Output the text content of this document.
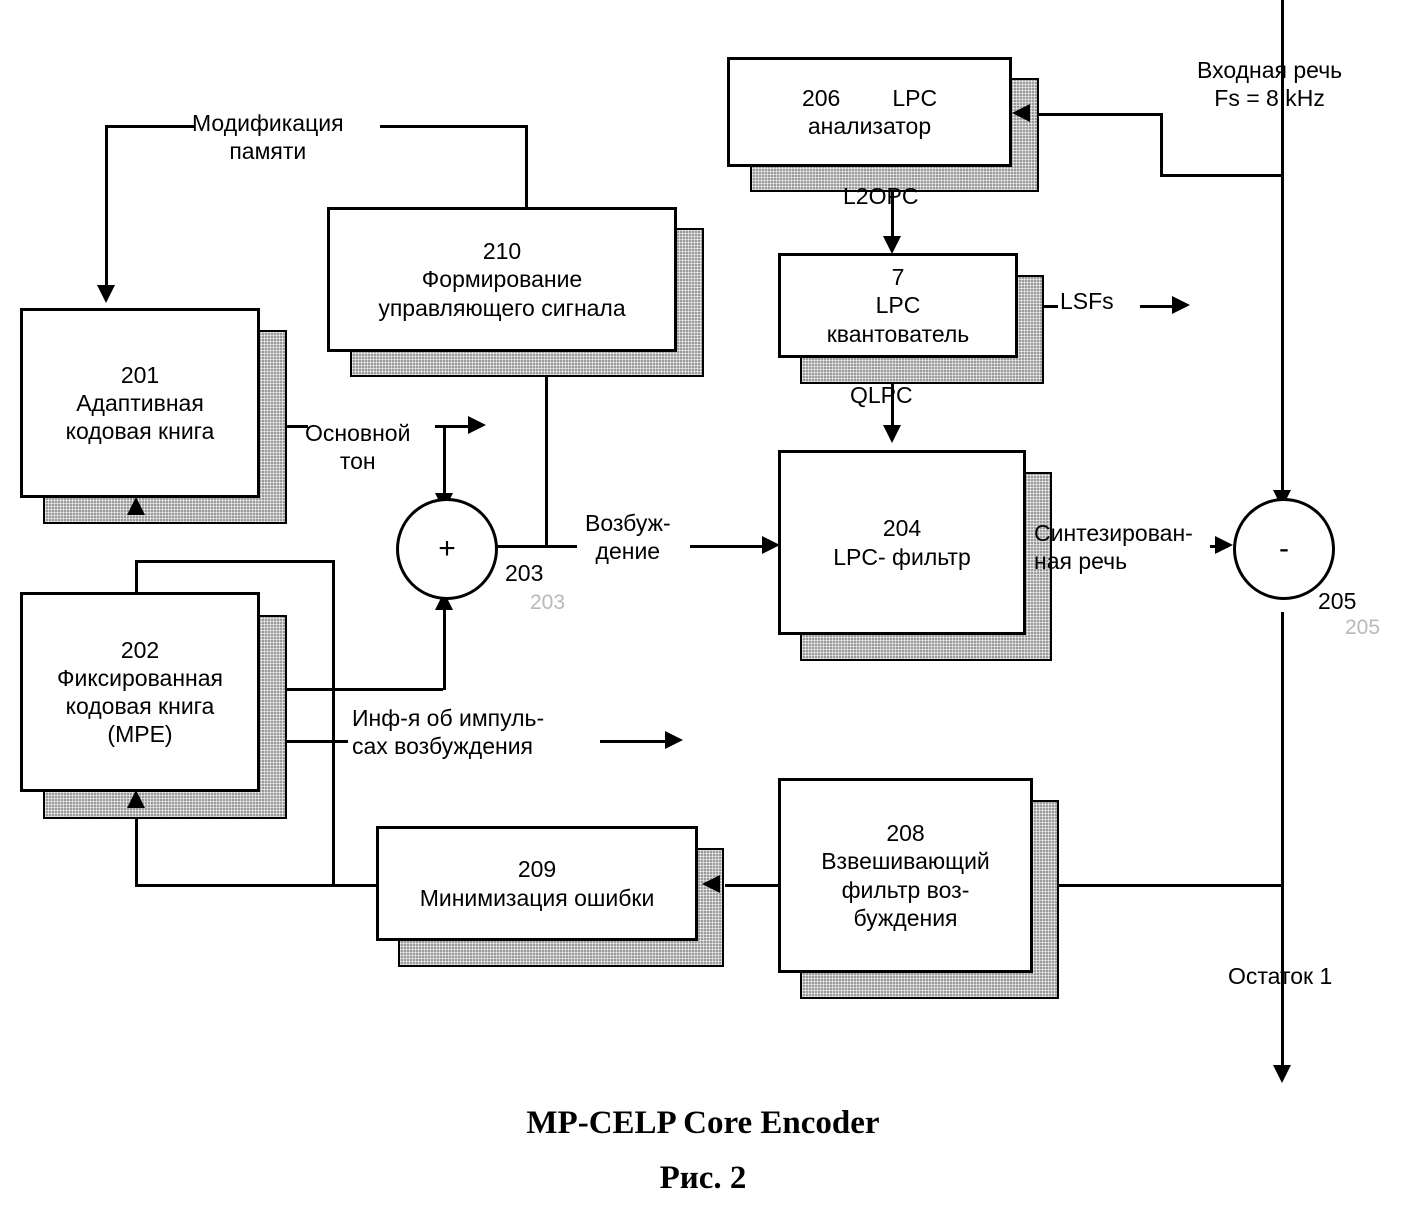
201
Адаптивная
кодовая книга
202
Фиксированная
кодовая книга
(MPE)
210
Формирование
управляющего сигнала
206 LPC
анализатор
7
LPC
квантователь
204
LPC- фильтр
208
Взвешивающий
фильтр воз-
буждения
209
Минимизация ошибки
+	-
Модификация
памяти
Основной
тон
Возбуж-
дение
Инф-я об импуль-
сах возбуждения
Входная речь
Fs = 8 kHz
L2OPC
QLPC
LSFs
Синтезирован-
ная речь
Остаток 1
203
203	205
205
MP-CELP Core Encoder
Рис. 2
